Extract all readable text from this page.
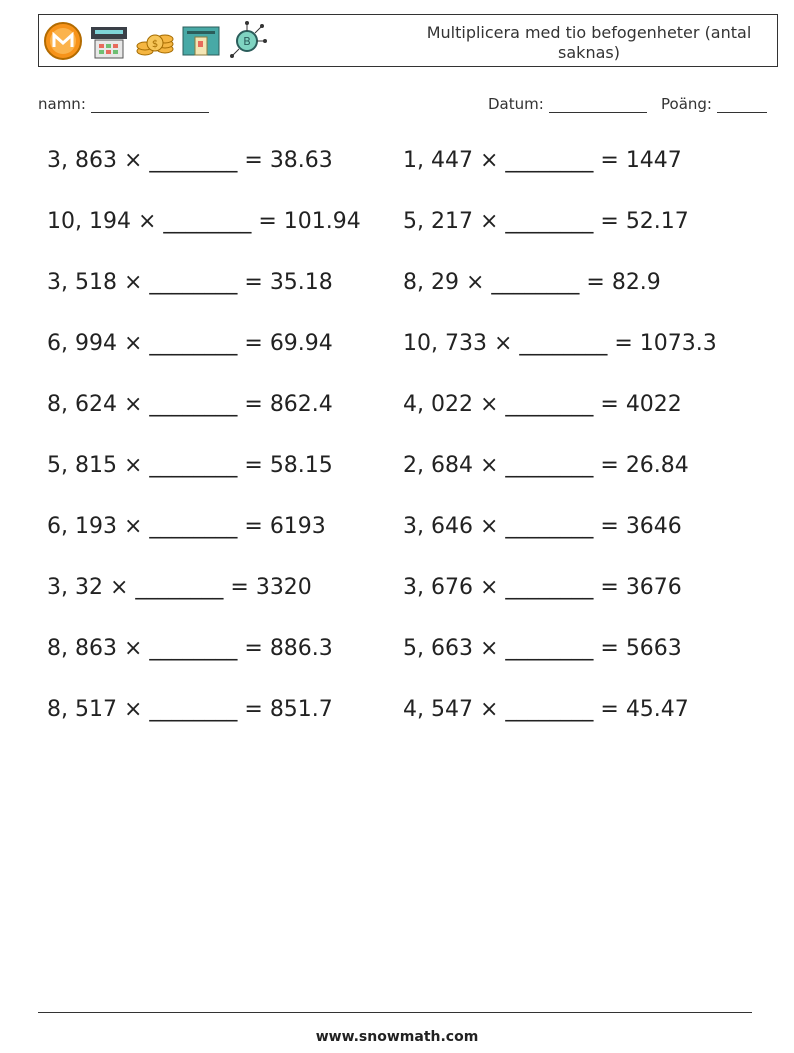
$	B	Multiplicera med tio befogenheter (antal saknas)
namn:	Datum:	Poäng:
3, 863 × ________ = 38.63
10, 194 × ________ = 101.94
3, 518 × ________ = 35.18
6, 994 × ________ = 69.94
8, 624 × ________ = 862.4
5, 815 × ________ = 58.15
6, 193 × ________ = 6193
3, 32 × ________ = 3320
8, 863 × ________ = 886.3
8, 517 × ________ = 851.7
1, 447 × ________ = 1447
5, 217 × ________ = 52.17
8, 29 × ________ = 82.9
10, 733 × ________ = 1073.3
4, 022 × ________ = 4022
2, 684 × ________ = 26.84
3, 646 × ________ = 3646
3, 676 × ________ = 3676
5, 663 × ________ = 5663
4, 547 × ________ = 45.47
www.snowmath.com
